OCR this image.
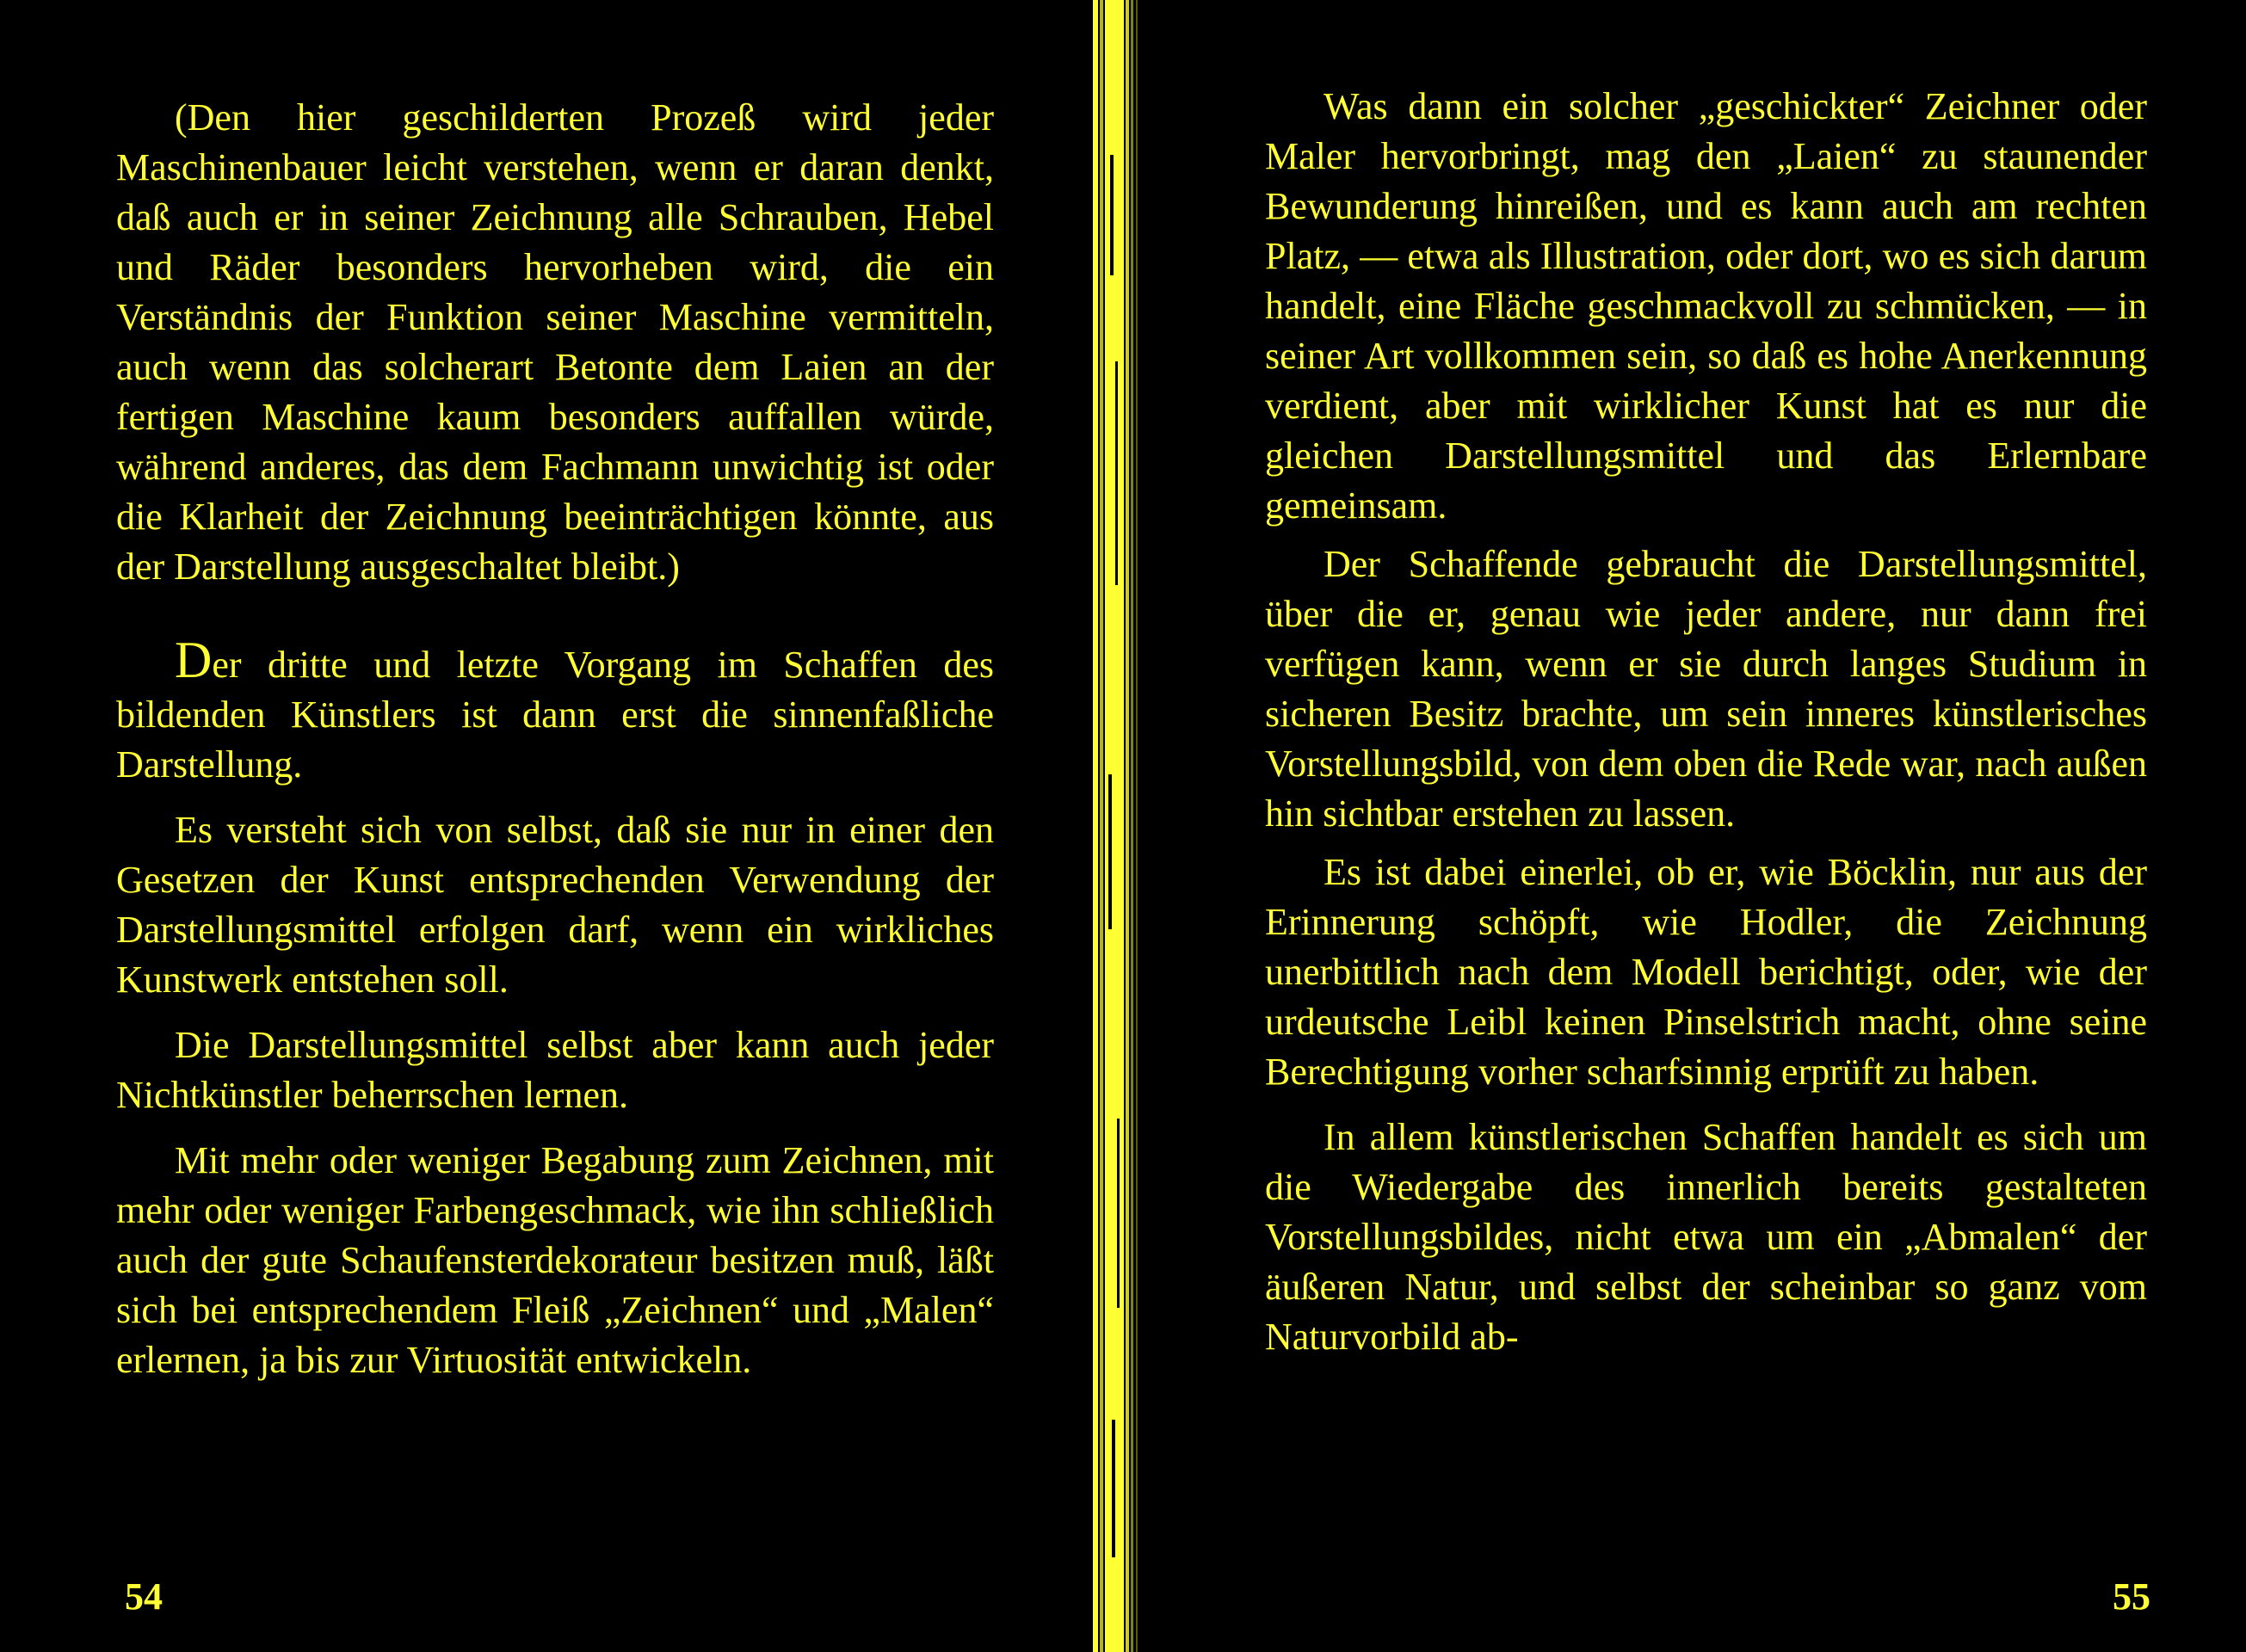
(Den hier geschilderten Prozeß wird jeder Maschinenbauer leicht verstehen, wenn er daran denkt, daß auch er in seiner Zeichnung alle Schrauben, Hebel und Räder besonders hervorheben wird, die ein Verständnis der Funktion seiner Maschine vermitteln, auch wenn das solcherart Betonte dem Laien an der fertigen Maschine kaum besonders auffallen würde, während anderes, das dem Fachmann unwichtig ist oder die Klarheit der Zeichnung beeinträchtigen könnte, aus der Darstellung ausgeschaltet bleibt.)

Der dritte und letzte Vorgang im Schaffen des bildenden Künstlers ist dann erst die sinnenfaßliche Darstellung.

Es versteht sich von selbst, daß sie nur in einer den Gesetzen der Kunst entsprechenden Verwendung der Darstellungsmittel erfolgen darf, wenn ein wirkliches Kunstwerk entstehen soll.

Die Darstellungsmittel selbst aber kann auch jeder Nichtkünstler beherrschen lernen.

Mit mehr oder weniger Begabung zum Zeichnen, mit mehr oder weniger Farbengeschmack, wie ihn schließlich auch der gute Schaufensterdekorateur besitzen muß, läßt sich bei entsprechendem Fleiß „Zeichnen“ und „Malen“ erlernen, ja bis zur Virtuosität entwickeln.

54

Was dann ein solcher „geschickter“ Zeichner oder Maler hervorbringt, mag den „Laien“ zu staunender Bewunderung hinreißen, und es kann auch am rechten Platz, — etwa als Illustration, oder dort, wo es sich darum handelt, eine Fläche geschmackvoll zu schmücken, — in seiner Art vollkommen sein, so daß es hohe Anerkennung verdient, aber mit wirklicher Kunst hat es nur die gleichen Darstellungsmittel und das Erlernbare gemeinsam.

Der Schaffende gebraucht die Darstellungsmittel, über die er, genau wie jeder andere, nur dann frei verfügen kann, wenn er sie durch langes Studium in sicheren Besitz brachte, um sein inneres künstlerisches Vorstellungsbild, von dem oben die Rede war, nach außen hin sichtbar erstehen zu lassen.

Es ist dabei einerlei, ob er, wie Böcklin, nur aus der Erinnerung schöpft, wie Hodler, die Zeichnung unerbittlich nach dem Modell berichtigt, oder, wie der urdeutsche Leibl keinen Pinselstrich macht, ohne seine Berechtigung vorher scharfsinnig erprüft zu haben.

In allem künstlerischen Schaffen handelt es sich um die Wiedergabe des innerlich bereits gestalteten Vorstellungsbildes, nicht etwa um ein „Abmalen“ der äußeren Natur, und selbst der scheinbar so ganz vom Naturvorbild ab-

55
